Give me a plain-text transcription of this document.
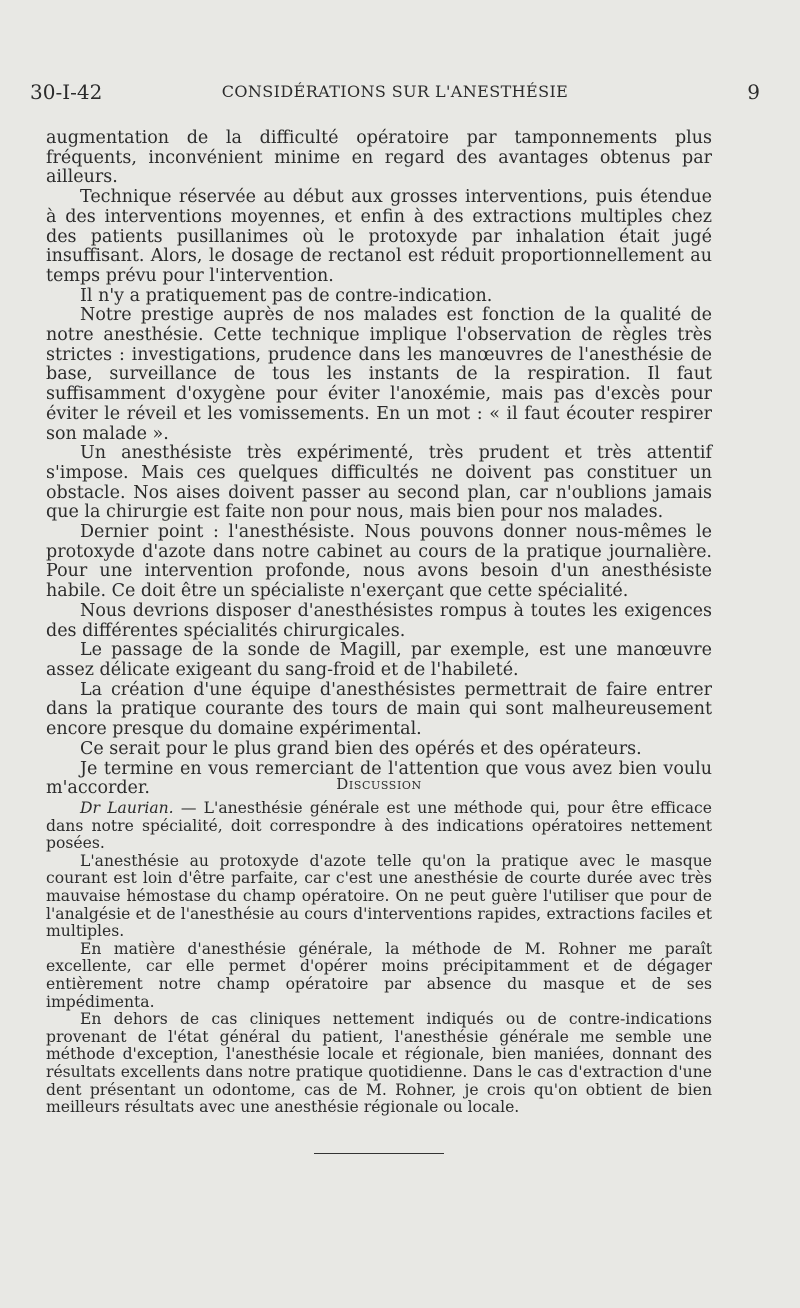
30-I-42	CONSIDÉRATIONS SUR L'ANESTHÉSIE	9

augmentation de la difficulté opératoire par tamponnements plus fréquents, inconvénient minime en regard des avantages obtenus par ailleurs.

Technique réservée au début aux grosses interventions, puis étendue à des interventions moyennes, et enfin à des extractions multiples chez des patients pusillanimes où le protoxyde par inhalation était jugé insuffisant. Alors, le dosage de rectanol est réduit proportionnellement au temps prévu pour l'intervention.

Il n'y a pratiquement pas de contre-indication.

Notre prestige auprès de nos malades est fonction de la qualité de notre anesthésie. Cette technique implique l'observation de règles très strictes : investigations, prudence dans les manœuvres de l'anesthésie de base, surveillance de tous les instants de la respiration. Il faut suffisamment d'oxygène pour éviter l'anoxémie, mais pas d'excès pour éviter le réveil et les vomissements. En un mot : « il faut écouter respirer son malade ».

Un anesthésiste très expérimenté, très prudent et très attentif s'impose. Mais ces quelques difficultés ne doivent pas constituer un obstacle. Nos aises doivent passer au second plan, car n'oublions jamais que la chirurgie est faite non pour nous, mais bien pour nos malades.

Dernier point : l'anesthésiste. Nous pouvons donner nous-mêmes le protoxyde d'azote dans notre cabinet au cours de la pratique journalière. Pour une intervention profonde, nous avons besoin d'un anesthésiste habile. Ce doit être un spécialiste n'exerçant que cette spécialité.

Nous devrions disposer d'anesthésistes rompus à toutes les exigences des différentes spécialités chirurgicales.

Le passage de la sonde de Magill, par exemple, est une manœuvre assez délicate exigeant du sang-froid et de l'habileté.

La création d'une équipe d'anesthésistes permettrait de faire entrer dans la pratique courante des tours de main qui sont malheureusement encore presque du domaine expérimental.

Ce serait pour le plus grand bien des opérés et des opérateurs.

Je termine en vous remerciant de l'attention que vous avez bien voulu m'accorder.	Discussion

Dr Laurian. — L'anesthésie générale est une méthode qui, pour être efficace dans notre spécialité, doit correspondre à des indications opératoires nettement posées.

L'anesthésie au protoxyde d'azote telle qu'on la pratique avec le masque courant est loin d'être parfaite, car c'est une anesthésie de courte durée avec très mauvaise hémostase du champ opératoire. On ne peut guère l'utiliser que pour de l'analgésie et de l'anesthésie au cours d'interventions rapides, extractions faciles et multiples.

En matière d'anesthésie générale, la méthode de M. Rohner me paraît excellente, car elle permet d'opérer moins précipitamment et de dégager entièrement notre champ opératoire par absence du masque et de ses impédimenta.

En dehors de cas cliniques nettement indiqués ou de contre-indications provenant de l'état général du patient, l'anesthésie générale me semble une méthode d'exception, l'anesthésie locale et régionale, bien maniées, donnant des résultats excellents dans notre pratique quotidienne. Dans le cas d'extraction d'une dent présentant un odontome, cas de M. Rohner, je crois qu'on obtient de bien meilleurs résultats avec une anesthésie régionale ou locale.
